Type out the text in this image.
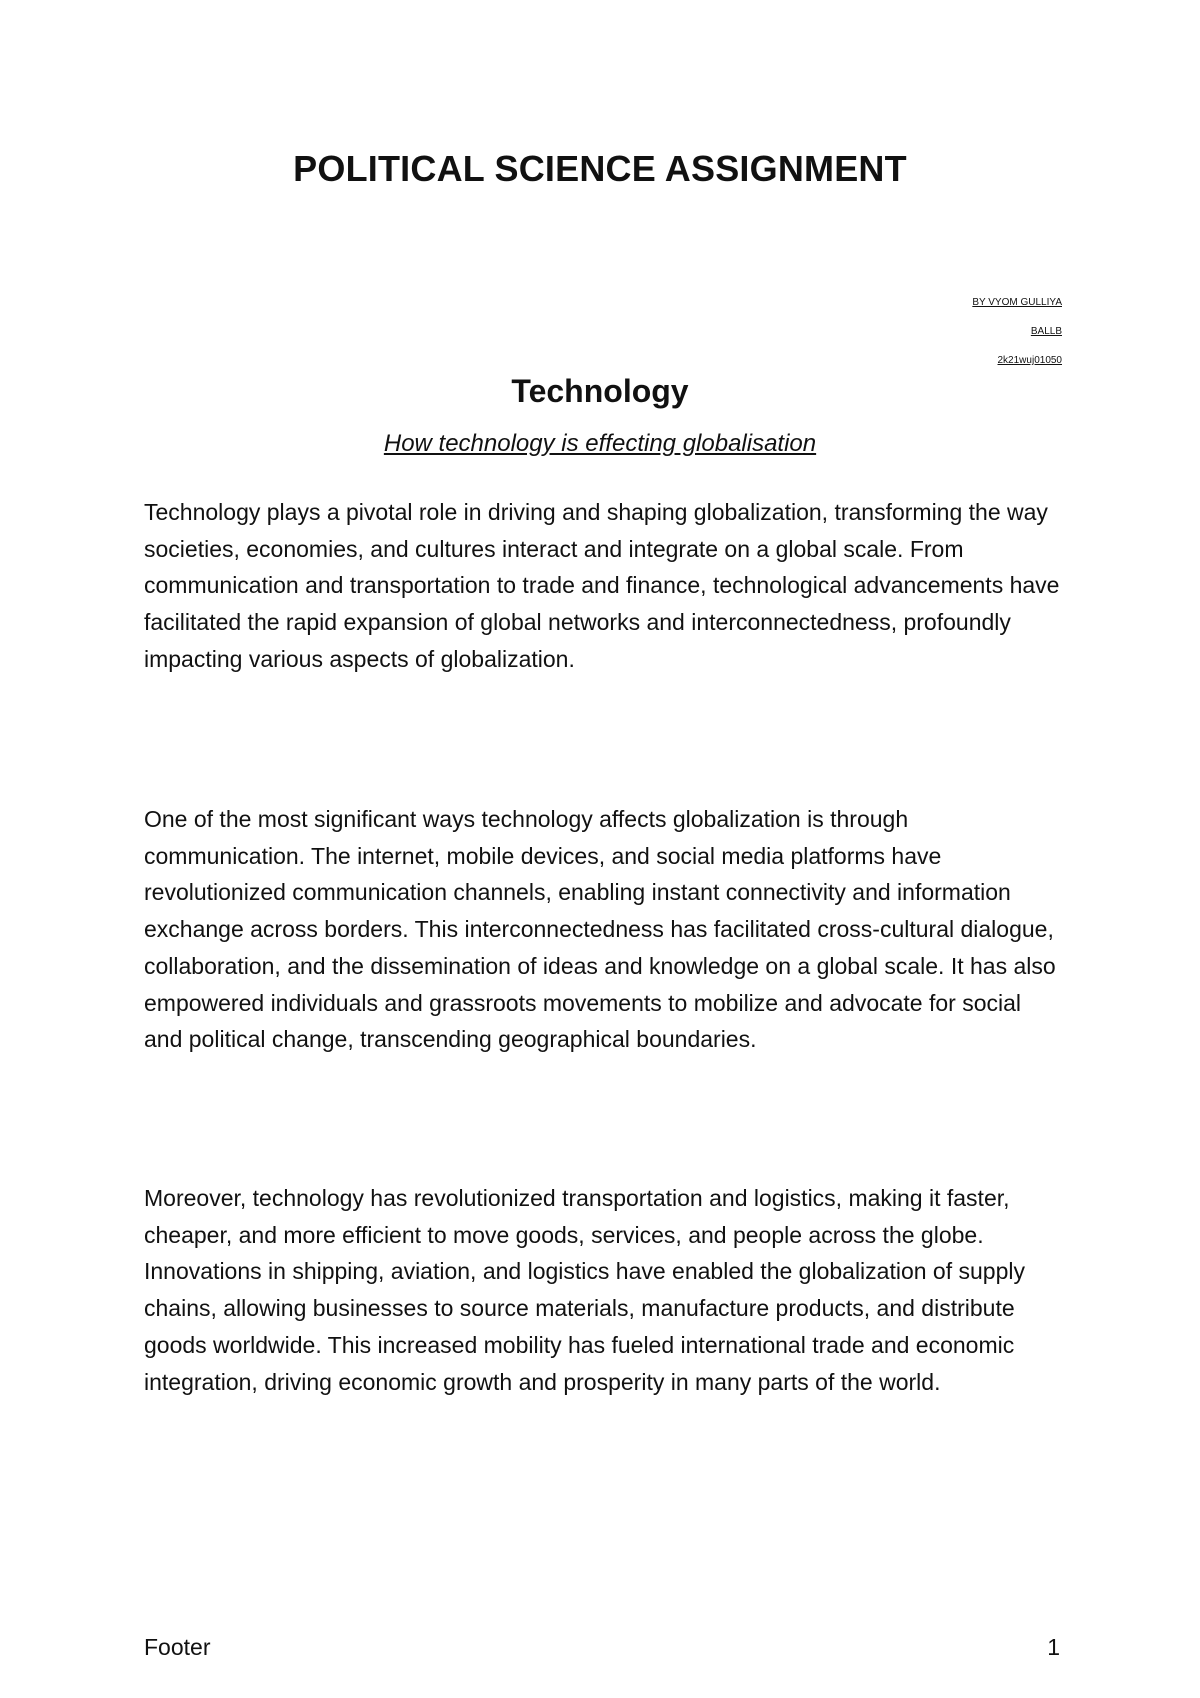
POLITICAL SCIENCE ASSIGNMENT
BY VYOM GULLIYA
BALLB
2k21wuj01050
Technology

How technology is effecting globalisation

Technology plays a pivotal role in driving and shaping globalization, transforming the way societies, economies, and cultures interact and integrate on a global scale. From communication and transportation to trade and finance, technological advancements have facilitated the rapid expansion of global networks and interconnectedness, profoundly impacting various aspects of globalization.

One of the most significant ways technology affects globalization is through communication. The internet, mobile devices, and social media platforms have revolutionized communication channels, enabling instant connectivity and information exchange across borders. This interconnectedness has facilitated cross-cultural dialogue, collaboration, and the dissemination of ideas and knowledge on a global scale. It has also empowered individuals and grassroots movements to mobilize and advocate for social and political change, transcending geographical boundaries.

Moreover, technology has revolutionized transportation and logistics, making it faster, cheaper, and more efficient to move goods, services, and people across the globe. Innovations in shipping, aviation, and logistics have enabled the globalization of supply chains, allowing businesses to source materials, manufacture products, and distribute goods worldwide. This increased mobility has fueled international trade and economic integration, driving economic growth and prosperity in many parts of the world.

Footer	1
